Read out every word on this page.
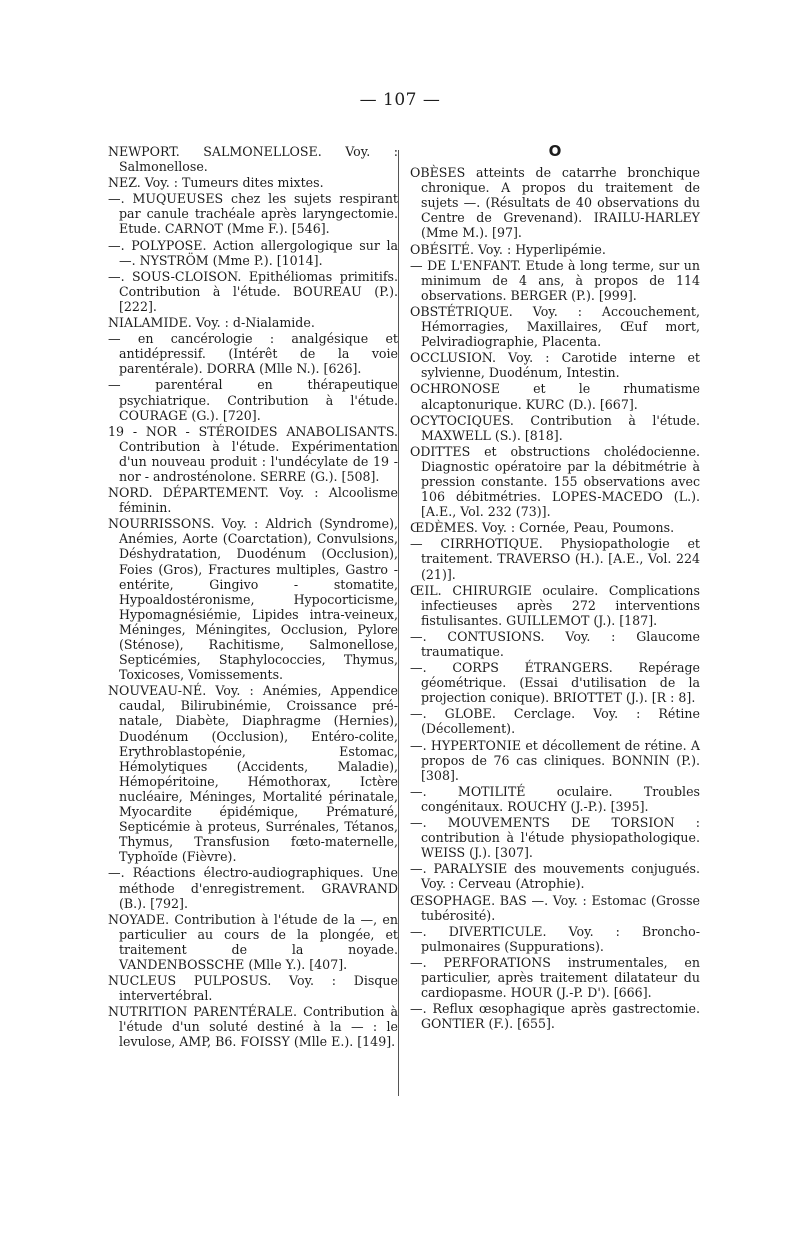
— 107 —

NEWPORT. SALMONELLOSE. Voy. : Salmonellose.

NEZ. Voy. : Tumeurs dites mixtes.

—. MUQUEUSES chez les sujets respirant par canule trachéale après laryngectomie. Etude. CARNOT (Mme F.). [546].

—. POLYPOSE. Action allergologique sur la —. NYSTRÖM (Mme P.). [1014].

—. SOUS-CLOISON. Epithéliomas primitifs. Contribution à l'étude. BOUREAU (P.). [222].

NIALAMIDE. Voy. : d-Nialamide.

— en cancérologie : analgésique et antidépressif. (Intérêt de la voie parentérale). DORRA (Mlle N.). [626].

— parentéral en thérapeutique psychiatrique. Contribution à l'étude. COURAGE (G.). [720].

19 - NOR - STÉROIDES ANABOLISANTS. Contribution à l'étude. Expérimentation d'un nouveau produit : l'undécylate de 19 - nor - androsténolone. SERRE (G.). [508].

NORD. DÉPARTEMENT. Voy. : Alcoolisme féminin.

NOURRISSONS. Voy. : Aldrich (Syndrome), Anémies, Aorte (Coarctation), Convulsions, Déshydratation, Duodénum (Occlusion), Foies (Gros), Fractures multiples, Gastro - entérite, Gingivo - stomatite, Hypoaldostéronisme, Hypocorticisme, Hypomagnésiémie, Lipides intra-veineux, Méninges, Méningites, Occlusion, Pylore (Sténose), Rachitisme, Salmonellose, Septicémies, Staphylococcies, Thymus, Toxicoses, Vomissements.

NOUVEAU-NÉ. Voy. : Anémies, Appendice caudal, Bilirubinémie, Croissance pré-natale, Diabète, Diaphragme (Hernies), Duodénum (Occlusion), Entéro-colite, Erythroblastopénie, Estomac, Hémolytiques (Accidents, Maladie), Hémopéritoine, Hémothorax, Ictère nucléaire, Méninges, Mortalité périnatale, Myocardite épidémique, Prématuré, Septicémie à proteus, Surrénales, Tétanos, Thymus, Transfusion fœto-maternelle, Typhoïde (Fièvre).

—. Réactions électro-audiographiques. Une méthode d'enregistrement. GRAVRAND (B.). [792].

NOYADE. Contribution à l'étude de la —, en particulier au cours de la plongée, et traitement de la noyade. VANDENBOSSCHE (Mlle Y.). [407].

NUCLEUS PULPOSUS. Voy. : Disque intervertébral.

NUTRITION PARENTÉRALE. Contribution à l'étude d'un soluté destiné à la — : le levulose, AMP, B6. FOISSY (Mlle E.). [149].

O

OBÈSES atteints de catarrhe bronchique chronique. A propos du traitement de sujets —. (Résultats de 40 observations du Centre de Grevenand). IRAILU-HARLEY (Mme M.). [97].

OBÉSITÉ. Voy. : Hyperlipémie.

— DE L'ENFANT. Etude à long terme, sur un minimum de 4 ans, à propos de 114 observations. BERGER (P.). [999].

OBSTÉTRIQUE. Voy. : Accouchement, Hémorragies, Maxillaires, Œuf mort, Pelviradiographie, Placenta.

OCCLUSION. Voy. : Carotide interne et sylvienne, Duodénum, Intestin.

OCHRONOSE et le rhumatisme alcaptonurique. KURC (D.). [667].

OCYTOCIQUES. Contribution à l'étude. MAXWELL (S.). [818].

ODITTES et obstructions cholédocienne. Diagnostic opératoire par la débitmétrie à pression constante. 155 observations avec 106 débitmétries. LOPES-MACEDO (L.). [A.E., Vol. 232 (73)].

ŒDÈMES. Voy. : Cornée, Peau, Poumons.

— CIRRHOTIQUE. Physiopathologie et traitement. TRAVERSO (H.). [A.E., Vol. 224 (21)].

ŒIL. CHIRURGIE oculaire. Complications infectieuses après 272 interventions fistulisantes. GUILLEMOT (J.). [187].

—. CONTUSIONS. Voy. : Glaucome traumatique.

—. CORPS ÉTRANGERS. Repérage géométrique. (Essai d'utilisation de la projection conique). BRIOTTET (J.). [R : 8].

—. GLOBE. Cerclage. Voy. : Rétine (Décollement).

—. HYPERTONIE et décollement de rétine. A propos de 76 cas cliniques. BONNIN (P.). [308].

—. MOTILITÉ oculaire. Troubles congénitaux. ROUCHY (J.-P.). [395].

—. MOUVEMENTS DE TORSION : contribution à l'étude physiopathologique. WEISS (J.). [307].

—. PARALYSIE des mouvements conjugués. Voy. : Cerveau (Atrophie).

ŒSOPHAGE. BAS —. Voy. : Estomac (Grosse tubérosité).

—. DIVERTICULE. Voy. : Broncho-pulmonaires (Suppurations).

—. PERFORATIONS instrumentales, en particulier, après traitement dilatateur du cardiopasme. HOUR (J.-P. D'). [666].

—. Reflux œsophagique après gastrectomie. GONTIER (F.). [655].
